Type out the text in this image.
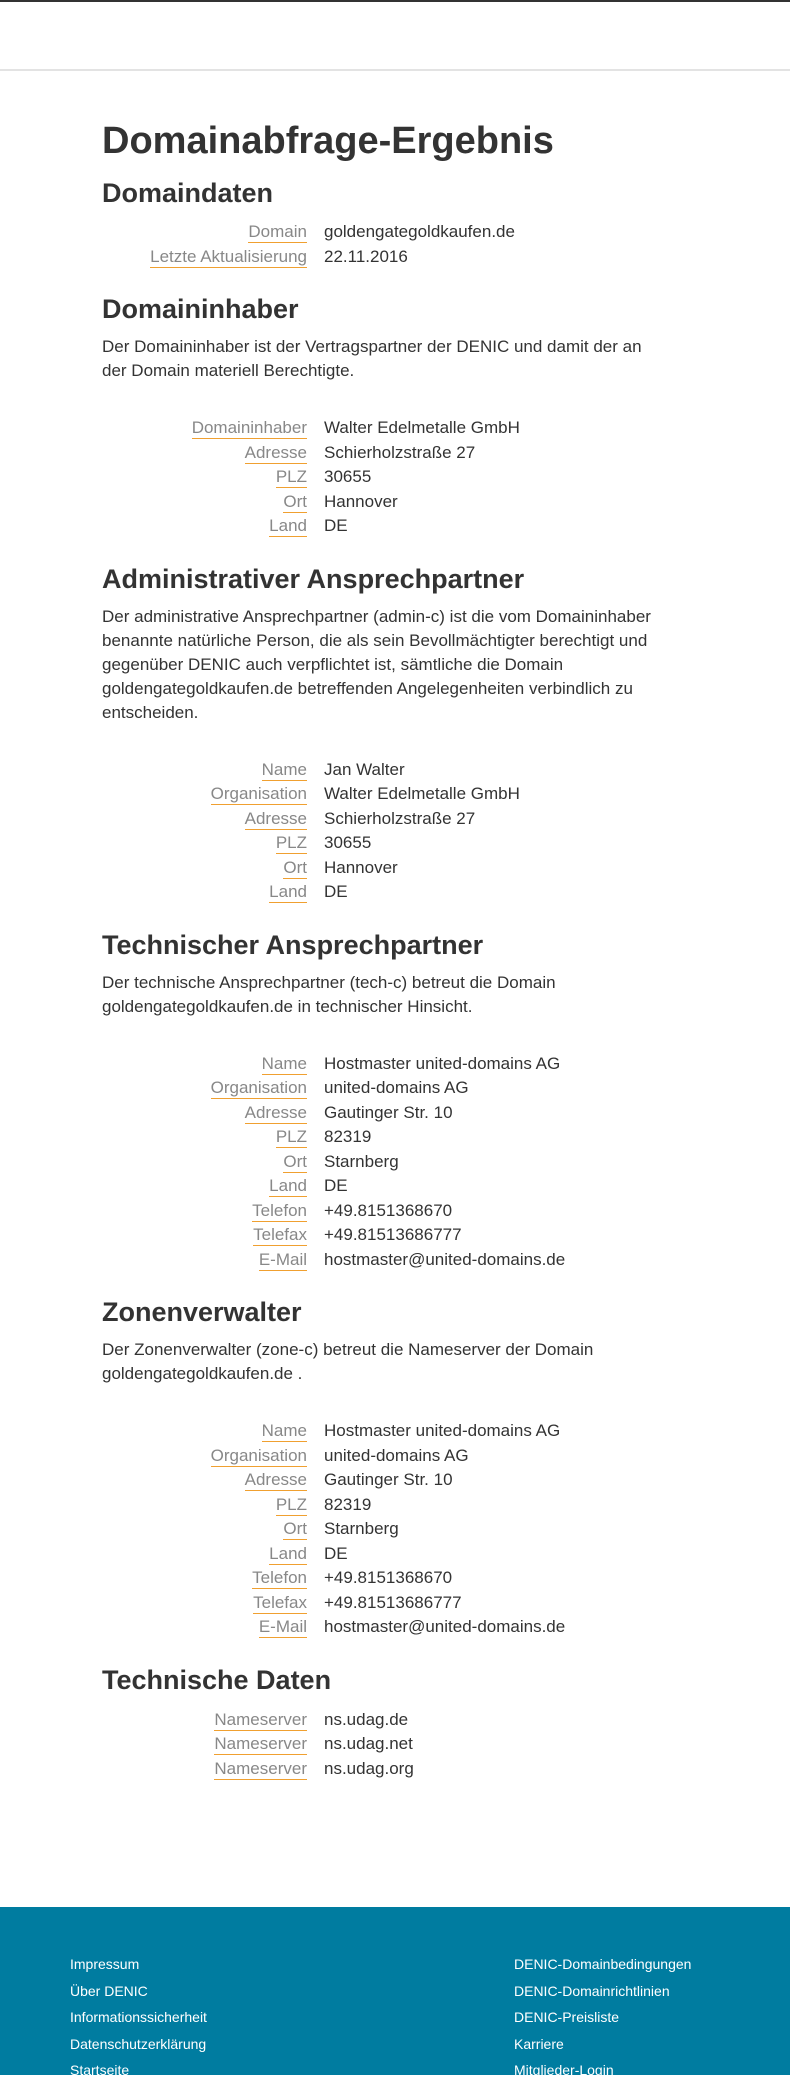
Domainabfrage-Ergebnis
Domaindaten
Domain	goldengategoldkaufen.de
Letzte Aktualisierung	22.11.2016
Domaininhaber

Der Domaininhaber ist der Vertragspartner der DENIC und damit der an der Domain materiell Berechtigte.

Domaininhaber	Walter Edelmetalle GmbH
Adresse	Schierholzstraße 27
PLZ	30655
Ort	Hannover
Land	DE
Administrativer Ansprechpartner

Der administrative Ansprechpartner (admin-c) ist die vom Domaininhaber benannte natürliche Person, die als sein Bevollmächtigter berechtigt und gegenüber DENIC auch verpflichtet ist, sämtliche die Domain goldengategoldkaufen.de betreffenden Angelegenheiten verbindlich zu entscheiden.

Name	Jan Walter
Organisation	Walter Edelmetalle GmbH
Adresse	Schierholzstraße 27
PLZ	30655
Ort	Hannover
Land	DE
Technischer Ansprechpartner

Der technische Ansprechpartner (tech-c) betreut die Domain goldengategoldkaufen.de in technischer Hinsicht.

Name	Hostmaster united-domains AG
Organisation	united-domains AG
Adresse	Gautinger Str. 10
PLZ	82319
Ort	Starnberg
Land	DE
Telefon	+49.8151368670
Telefax	+49.81513686777
E-Mail	hostmaster@united-domains.de
Zonenverwalter

Der Zonenverwalter (zone-c) betreut die Nameserver der Domain goldengategoldkaufen.de .

Name	Hostmaster united-domains AG
Organisation	united-domains AG
Adresse	Gautinger Str. 10
PLZ	82319
Ort	Starnberg
Land	DE
Telefon	+49.8151368670
Telefax	+49.81513686777
E-Mail	hostmaster@united-domains.de
Technische Daten
Nameserver	ns.udag.de
Nameserver	ns.udag.net
Nameserver	ns.udag.org
Impressum
Über DENIC
Informationssicherheit
Datenschutzerklärung
Startseite
DENIC-Domainbedingungen
DENIC-Domainrichtlinien
DENIC-Preisliste
Karriere
Mitglieder-Login
